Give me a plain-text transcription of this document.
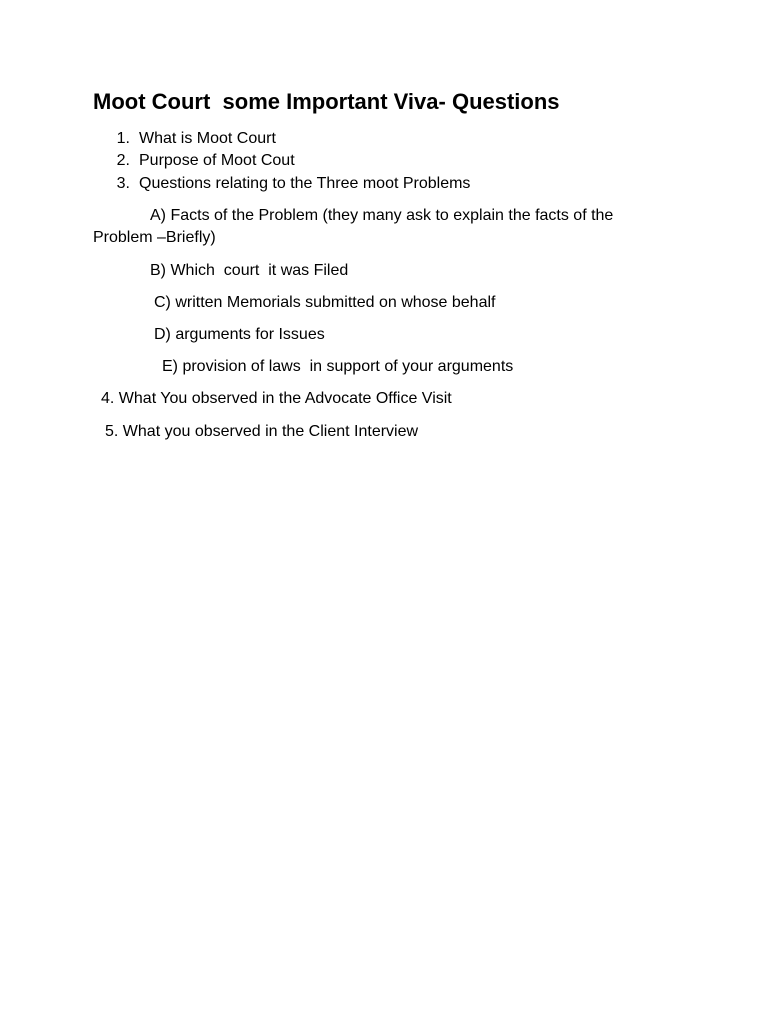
Moot Court  some Important Viva- Questions
1. What is Moot Court

2. Purpose of Moot Cout

3. Questions relating to the Three moot Problems

A) Facts of the Problem (they many ask to explain the facts of the Problem –Briefly)

B) Which  court  it was Filed

C) written Memorials submitted on whose behalf

D) arguments for Issues

E) provision of laws  in support of your arguments

4. What You observed in the Advocate Office Visit

5. What you observed in the Client Interview
